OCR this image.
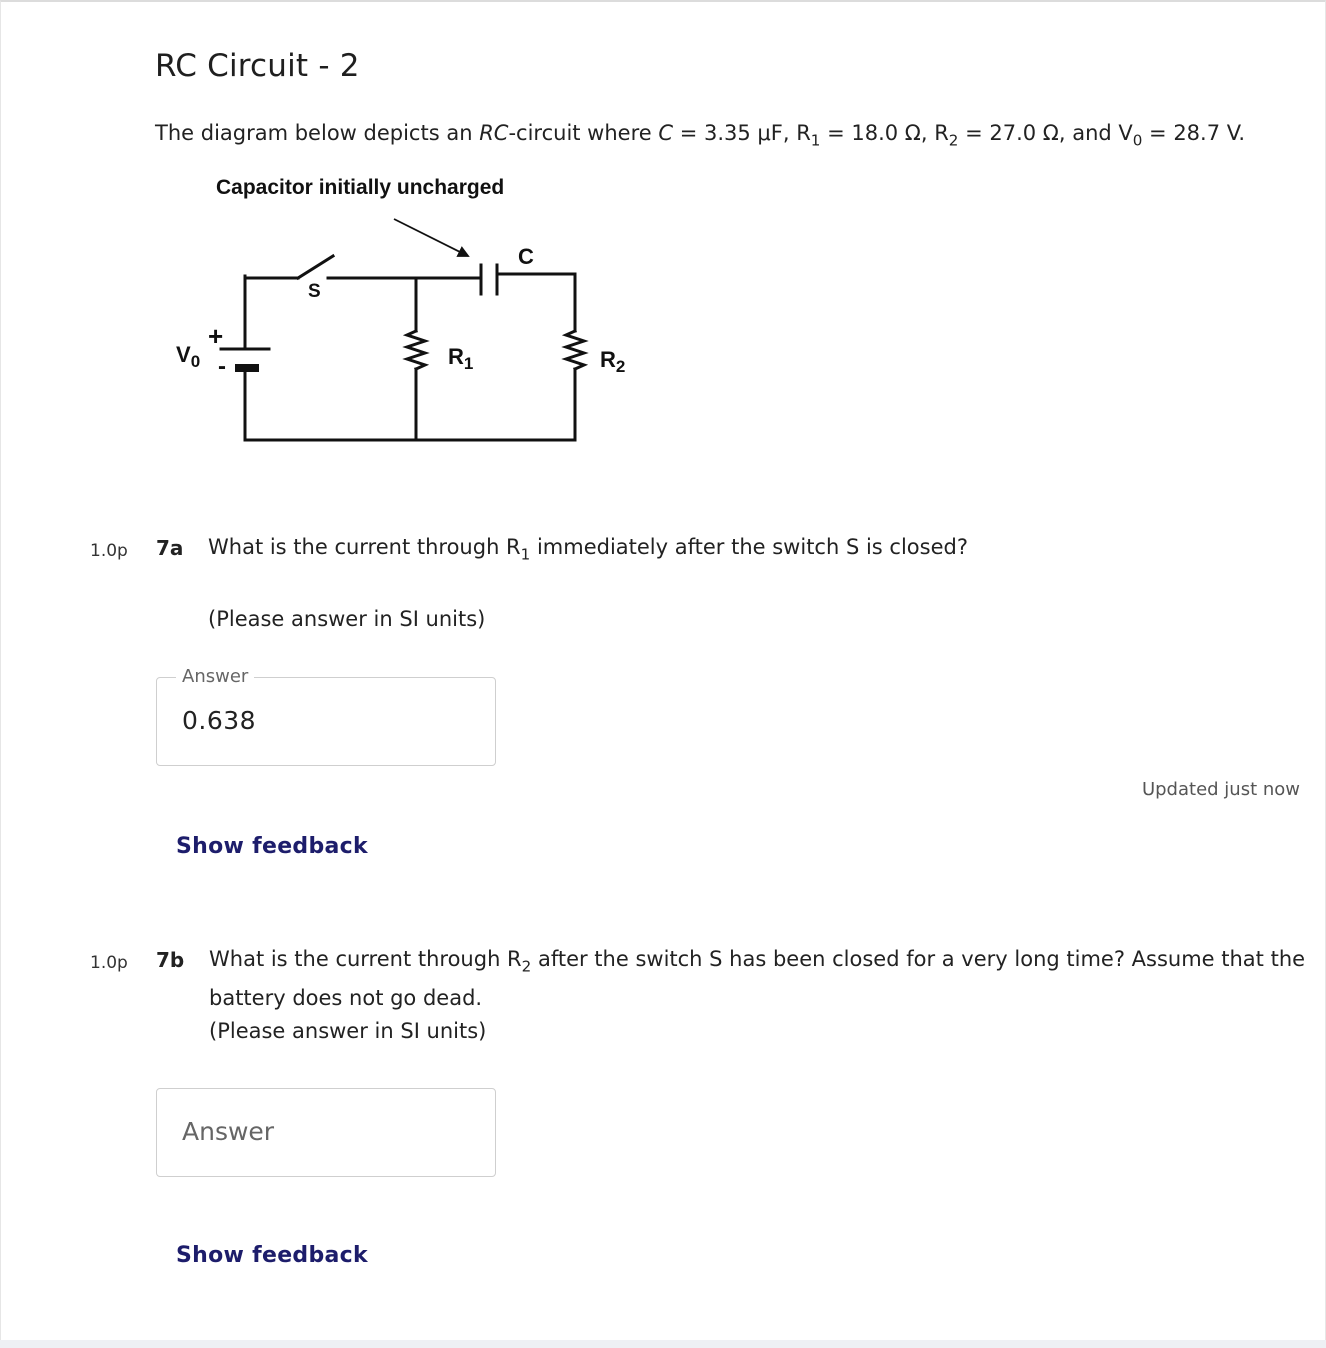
RC Circuit - 2
The diagram below depicts an RC-circuit where C = 3.35 μF, $R_1 = 18.0$ Ω, $R_2 = 27.0$ Ω, and $V_0 = 28.7$ V.
Capacitor initially uncharged
C
S
+
-
$V_0$	$R_1$	$R_2$
1.0p 7a What is the current through $R_1$ immediately after the switch S is closed?
(Please answer in SI units)
Answer
0.638
Updated just now
Show feedback
1.0p 7b What is the current through $R_2$ after the switch S has been closed for a very long time? Assume that the
battery does not go dead.
(Please answer in SI units)
Answer
Show feedback
